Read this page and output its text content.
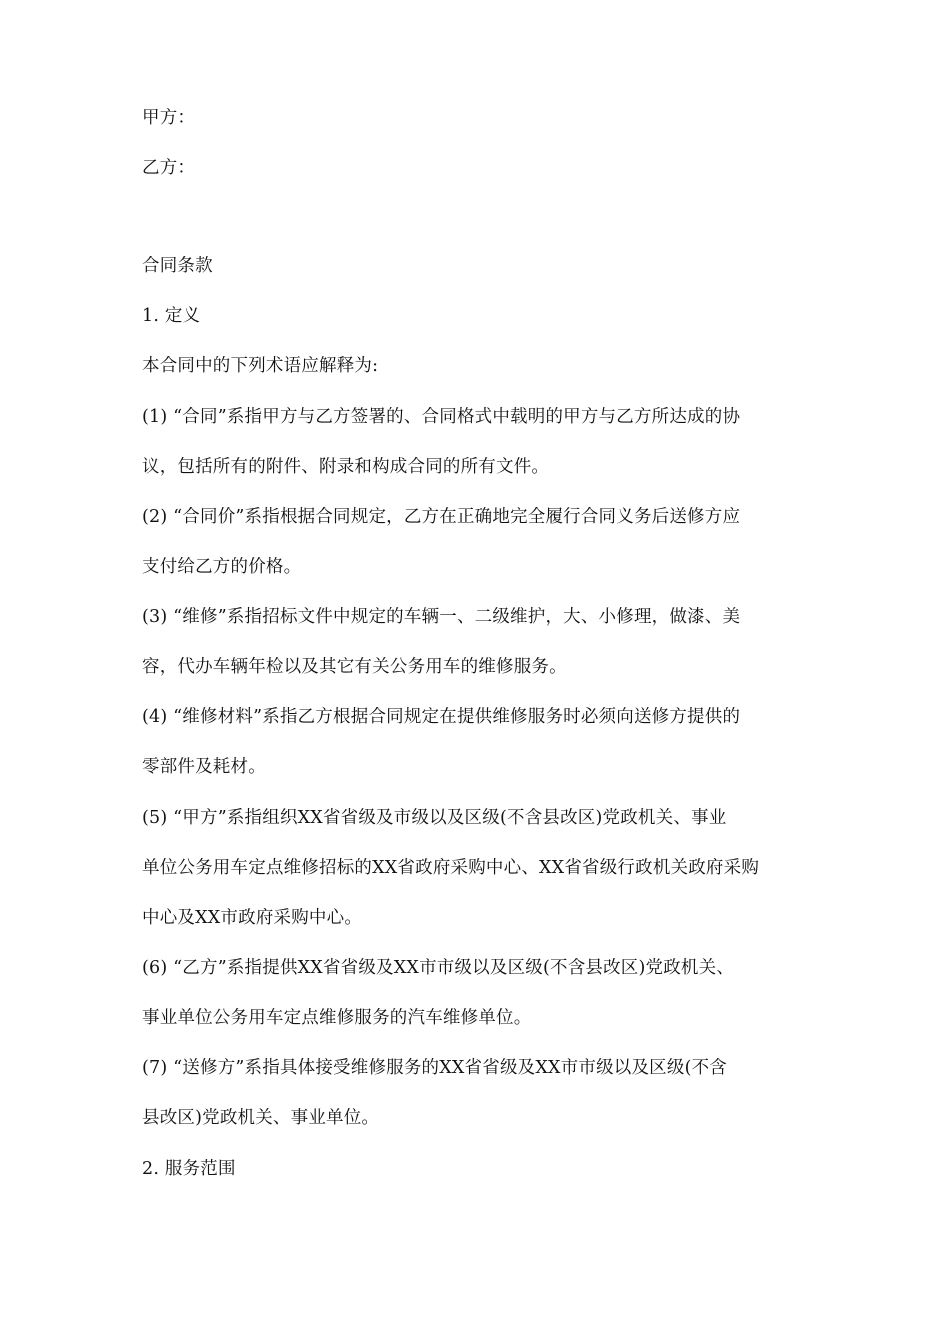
甲方：
乙方：
合同条款
1. 定义
本合同中的下列术语应解释为:
(1) “合同”系指甲方与乙方签署的、合同格式中载明的甲方与乙方所达成的协
议，包括所有的附件、附录和构成合同的所有文件。
(2) “合同价”系指根据合同规定，乙方在正确地完全履行合同义务后送修方应
支付给乙方的价格。
(3) “维修”系指招标文件中规定的车辆一、二级维护，大、小修理，做漆、美
容，代办车辆年检以及其它有关公务用车的维修服务。
(4) “维修材料”系指乙方根据合同规定在提供维修服务时必须向送修方提供的
零部件及耗材。
(5) “甲方”系指组织XX省省级及市级以及区级(不含县改区)党政机关、事业
单位公务用车定点维修招标的XX省政府采购中心、XX省省级行政机关政府采购
中心及XX市政府采购中心。
(6) “乙方”系指提供XX省省级及XX市市级以及区级(不含县改区)党政机关、
事业单位公务用车定点维修服务的汽车维修单位。
(7) “送修方”系指具体接受维修服务的XX省省级及XX市市级以及区级(不含
县改区)党政机关、事业单位。
2. 服务范围
